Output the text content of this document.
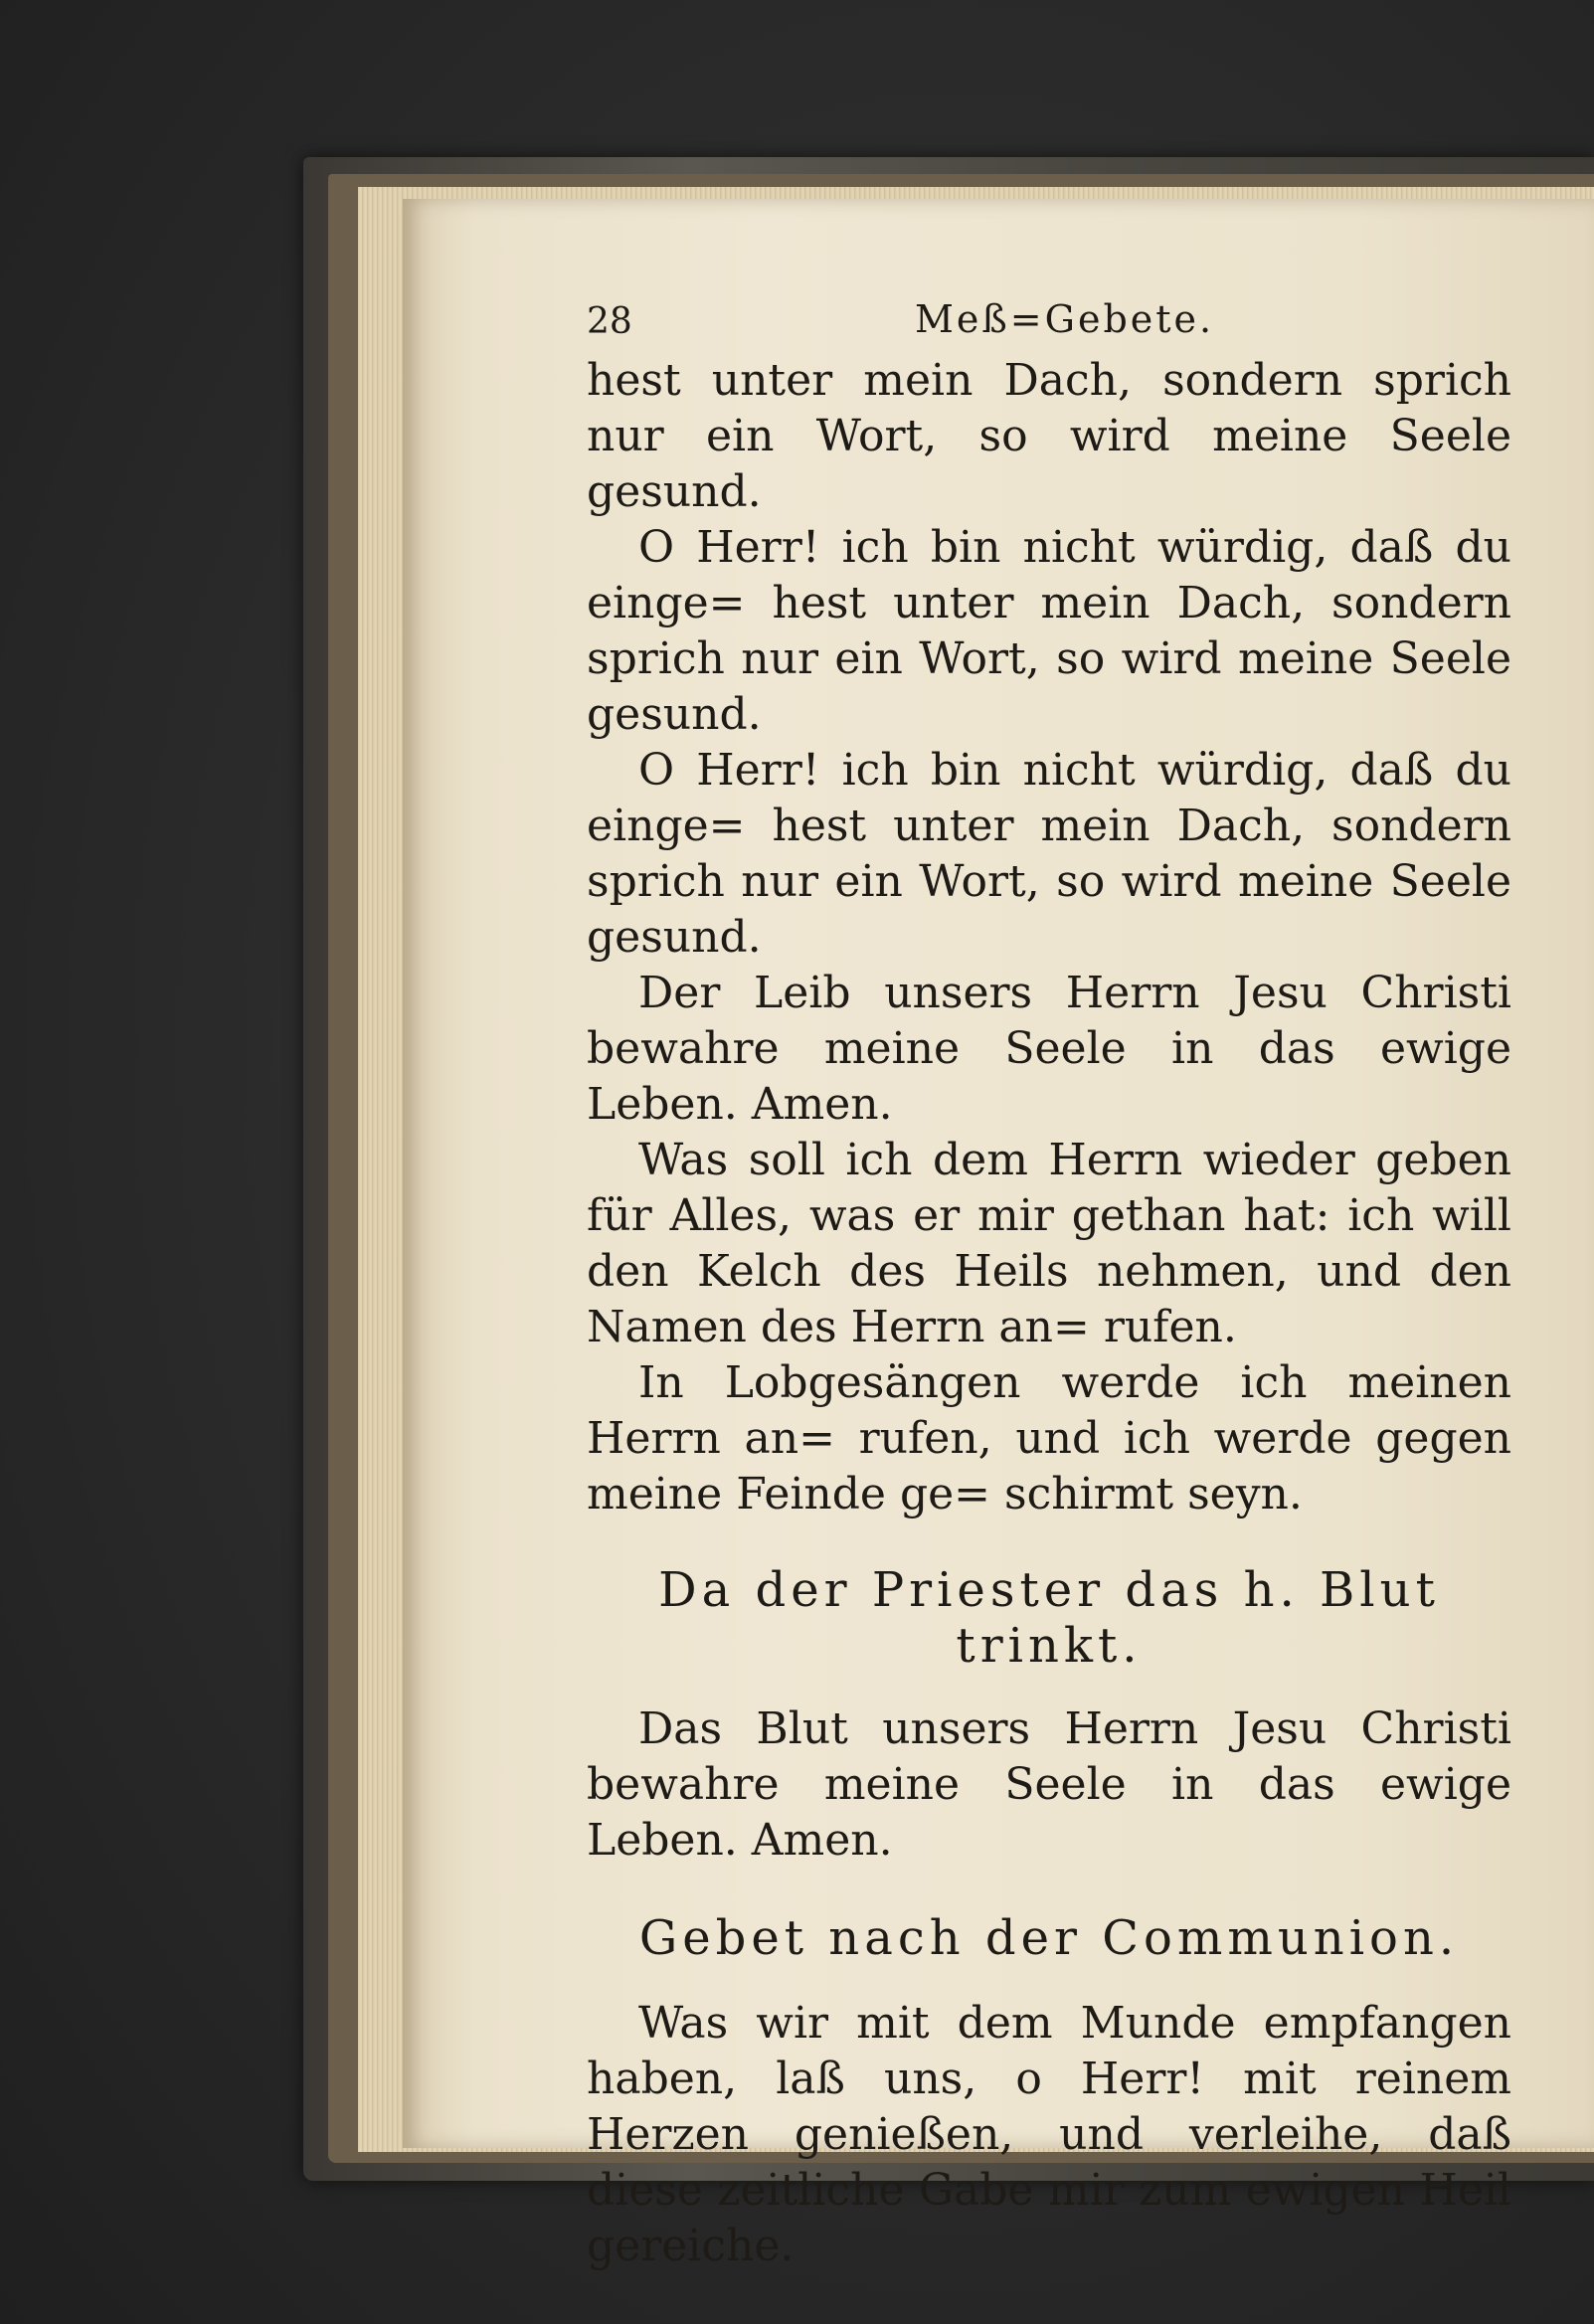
28	Meß=Gebete.

hest unter mein Dach, sondern sprich nur ein Wort, so wird meine Seele gesund.

O Herr! ich bin nicht würdig, daß du einge= hest unter mein Dach, sondern sprich nur ein Wort, so wird meine Seele gesund.

O Herr! ich bin nicht würdig, daß du einge= hest unter mein Dach, sondern sprich nur ein Wort, so wird meine Seele gesund.

Der Leib unsers Herrn Jesu Christi bewahre meine Seele in das ewige Leben. Amen.

Was soll ich dem Herrn wieder geben für Alles, was er mir gethan hat: ich will den Kelch des Heils nehmen, und den Namen des Herrn an= rufen.

In Lobgesängen werde ich meinen Herrn an= rufen, und ich werde gegen meine Feinde ge= schirmt seyn.

Da der Priester das h. Blut trinkt.

Das Blut unsers Herrn Jesu Christi bewahre meine Seele in das ewige Leben. Amen.

Gebet nach der Communion.

Was wir mit dem Munde empfangen haben, laß uns, o Herr! mit reinem Herzen genießen, und verleihe, daß diese zeitliche Gabe mir zum ewigen Heil gereiche.
